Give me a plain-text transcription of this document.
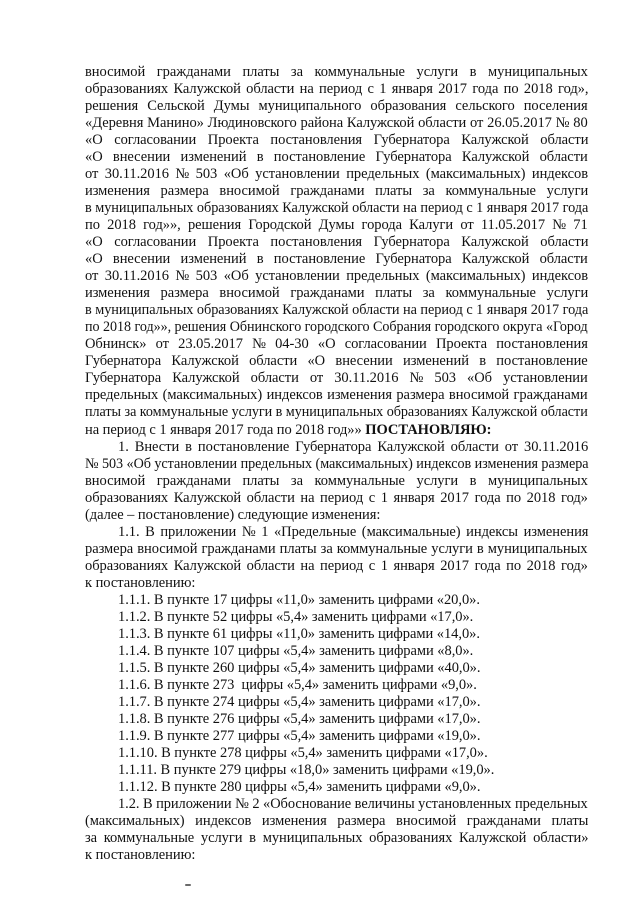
вносимой гражданами платы за коммунальные услуги в муниципальных
образованиях Калужской области на период с 1 января 2017 года по 2018 год»,
решения Сельской Думы муниципального образования сельского поселения
«Деревня Манино» Людиновского района Калужской области от 26.05.2017 № 80
«О согласовании Проекта постановления Губернатора Калужской области
«О внесении изменений в постановление Губернатора Калужской области
от 30.11.2016 № 503 «Об установлении предельных (максимальных) индексов
изменения размера вносимой гражданами платы за коммунальные услуги
в муниципальных образованиях Калужской области на период с 1 января 2017 года
по 2018 год»», решения Городской Думы города Калуги от 11.05.2017 № 71
«О согласовании Проекта постановления Губернатора Калужской области
«О внесении изменений в постановление Губернатора Калужской области
от 30.11.2016 № 503 «Об установлении предельных (максимальных) индексов
изменения размера вносимой гражданами платы за коммунальные услуги
в муниципальных образованиях Калужской области на период с 1 января 2017 года
по 2018 год»», решения Обнинского городского Собрания городского округа «Город
Обнинск» от 23.05.2017 № 04-30 «О согласовании Проекта постановления
Губернатора Калужской области «О внесении изменений в постановление
Губернатора Калужской области от 30.11.2016 № 503 «Об установлении
предельных (максимальных) индексов изменения размера вносимой гражданами
платы за коммунальные услуги в муниципальных образованиях Калужской области
на период с 1 января 2017 года по 2018 год»» ПОСТАНОВЛЯЮ:
1. Внести в постановление Губернатора Калужской области от 30.11.2016
№ 503 «Об установлении предельных (максимальных) индексов изменения размера
вносимой гражданами платы за коммунальные услуги в муниципальных
образованиях Калужской области на период с 1 января 2017 года по 2018 год»
(далее – постановление) следующие изменения:
1.1. В приложении № 1 «Предельные (максимальные) индексы изменения
размера вносимой гражданами платы за коммунальные услуги в муниципальных
образованиях Калужской области на период с 1 января 2017 года по 2018 год»
к постановлению:
1.1.1. В пункте 17 цифры «11,0» заменить цифрами «20,0».
1.1.2. В пункте 52 цифры «5,4» заменить цифрами «17,0».
1.1.3. В пункте 61 цифры «11,0» заменить цифрами «14,0».
1.1.4. В пункте 107 цифры «5,4» заменить цифрами «8,0».
1.1.5. В пункте 260 цифры «5,4» заменить цифрами «40,0».
1.1.6. В пункте 273  цифры «5,4» заменить цифрами «9,0».
1.1.7. В пункте 274 цифры «5,4» заменить цифрами «17,0».
1.1.8. В пункте 276 цифры «5,4» заменить цифрами «17,0».
1.1.9. В пункте 277 цифры «5,4» заменить цифрами «19,0».
1.1.10. В пункте 278 цифры «5,4» заменить цифрами «17,0».
1.1.11. В пункте 279 цифры «18,0» заменить цифрами «19,0».
1.1.12. В пункте 280 цифры «5,4» заменить цифрами «9,0».
1.2. В приложении № 2 «Обоснование величины установленных предельных
(максимальных) индексов изменения размера вносимой гражданами платы
за коммунальные услуги в муниципальных образованиях Калужской области»
к постановлению:
